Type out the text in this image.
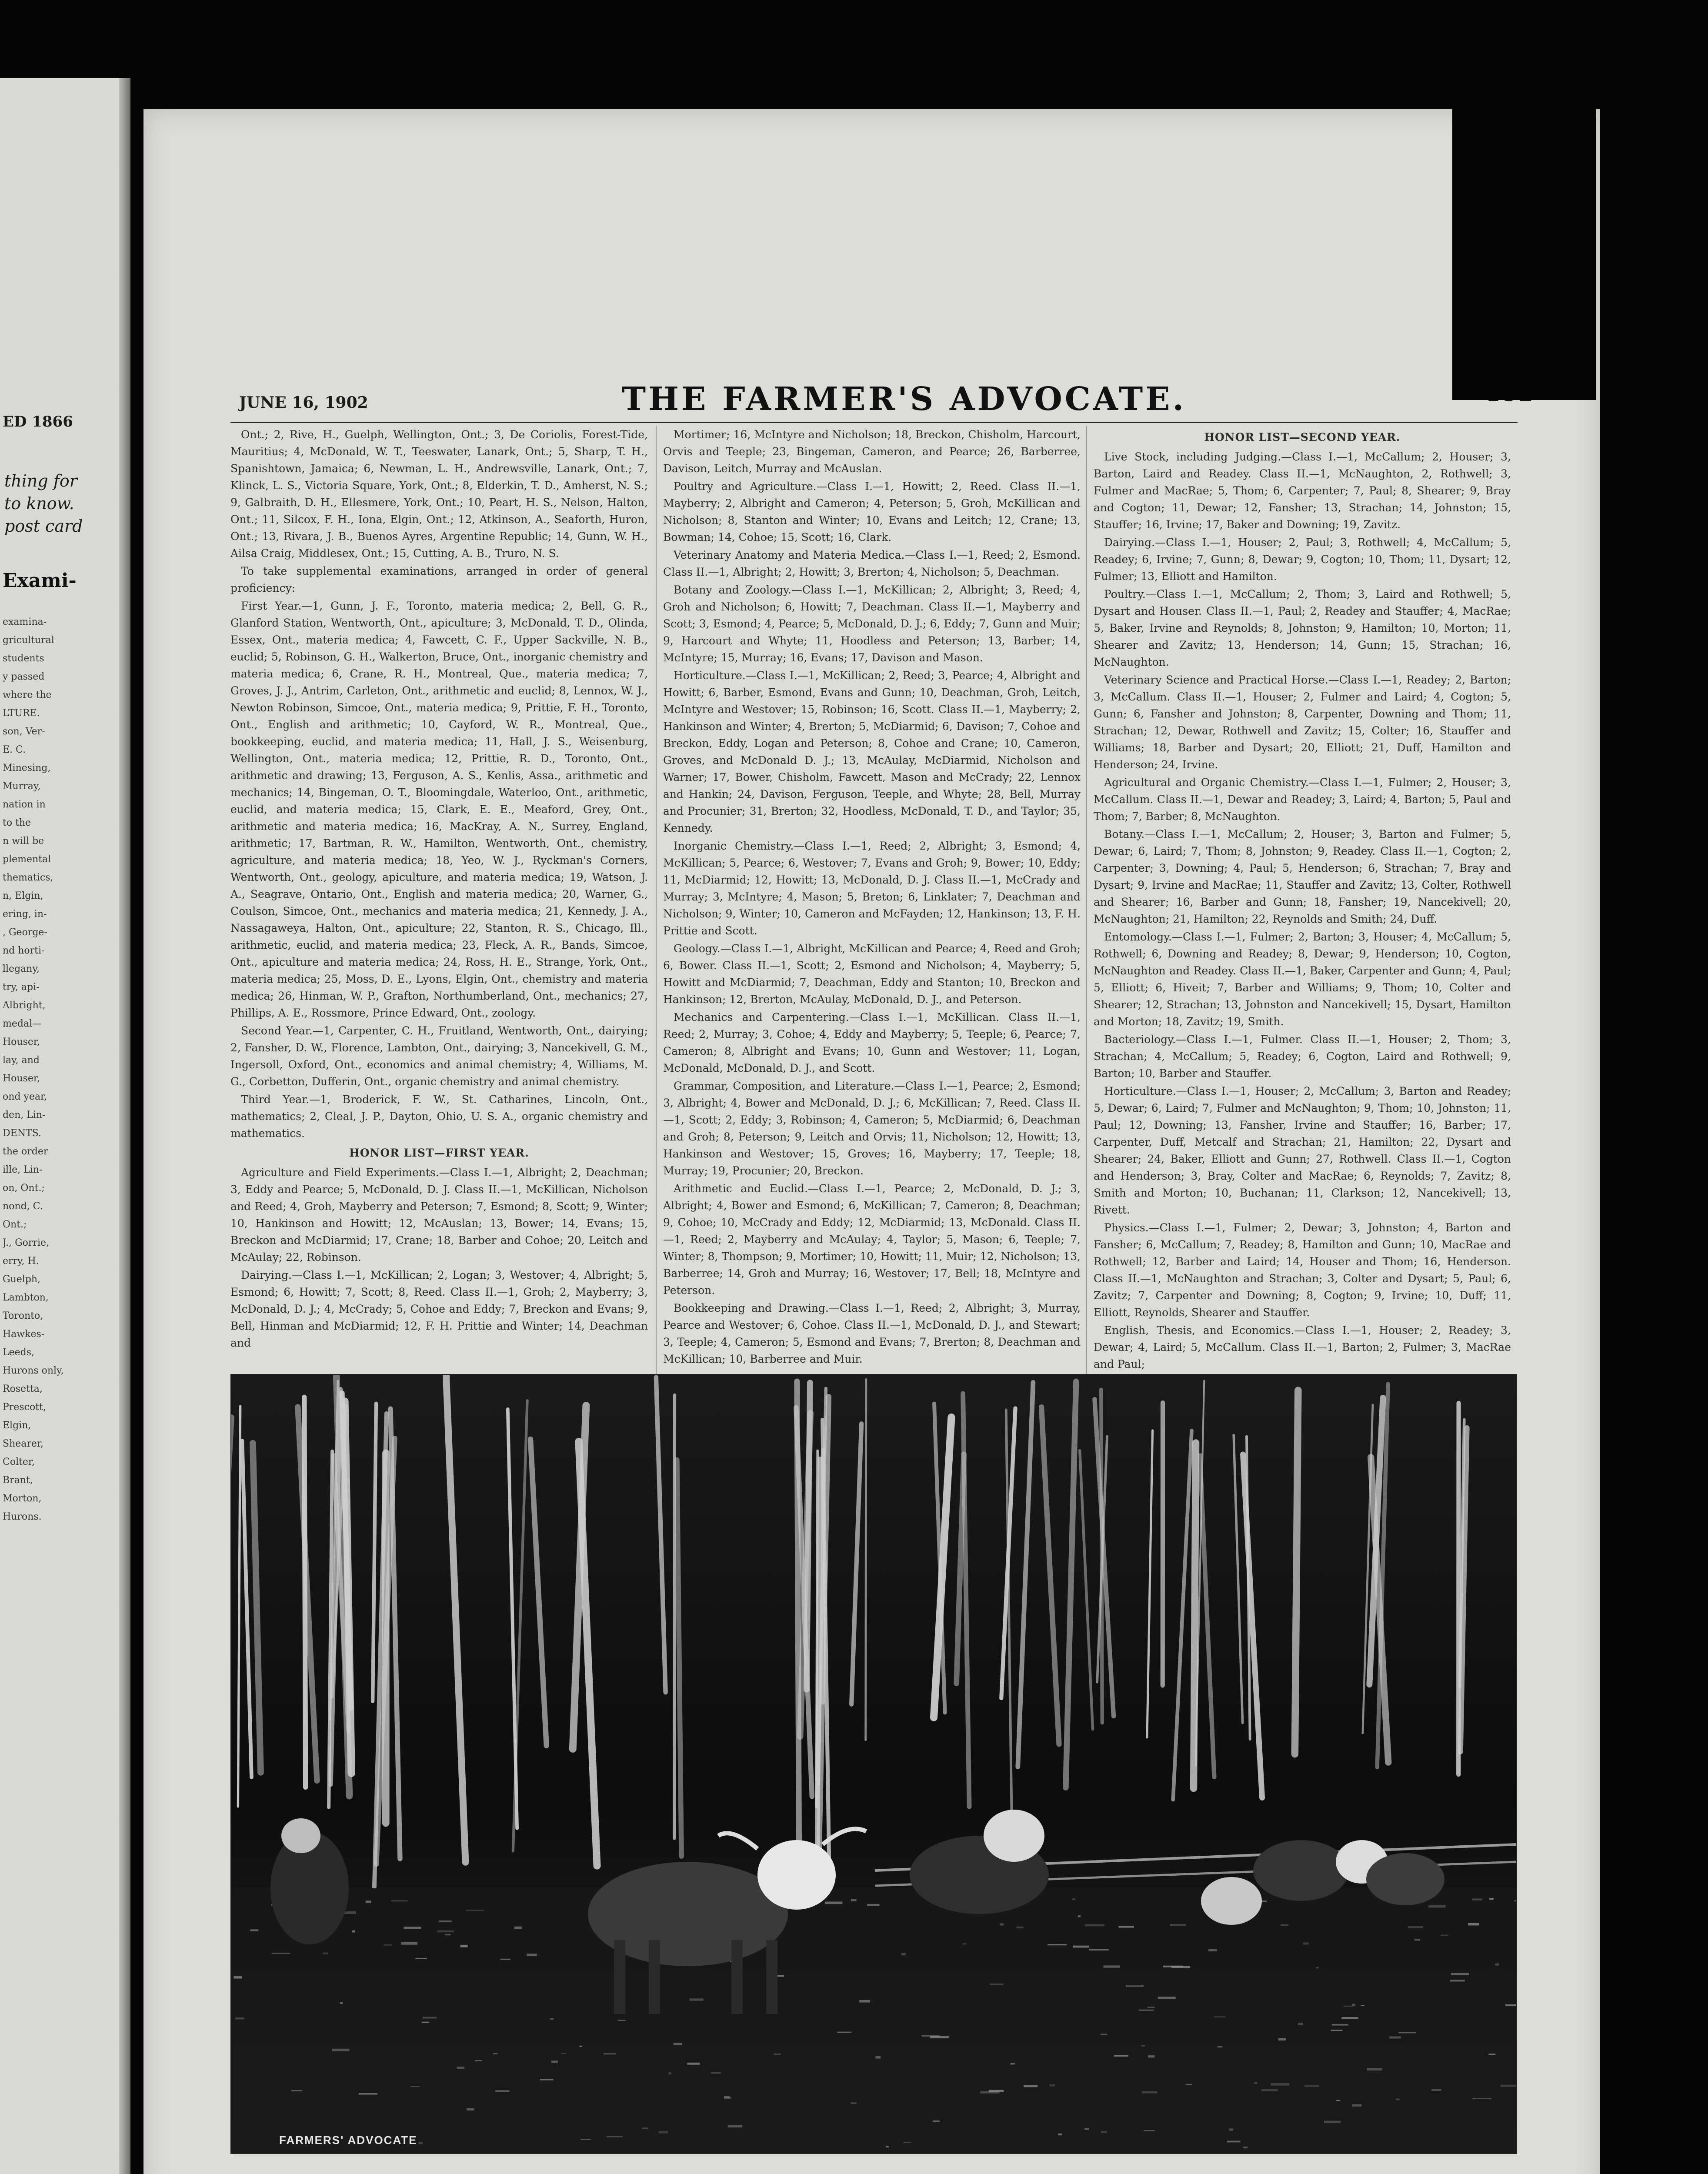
ED 1866
thing for
to know.
post card
Exami-
examina-
gricultural
students
y passed
where the
LTURE.
son, Ver-
E. C.
Minesing,
Murray,
nation in
to the
n will be
plemental
thematics,
n, Elgin,
ering, in-
, George-
nd horti-
llegany,
try, api-
Albright,
medal—
Houser,
lay, and
Houser,
ond year,
den, Lin-
DENTS.
the order
ille, Lin-
on, Ont.;
nond, C.
Ont.;
J., Gorrie,
erry, H.
Guelph,
Lambton,
Toronto,
Hawkes-
Leeds,
Hurons only,
Rosetta,
Prescott,
Elgin,
Shearer,
Colter,
Brant,
Morton,
Hurons.
JUNE 16, 1902	THE FARMER'S ADVOCATE.

Ont.; 2, Rive, H., Guelph, Wellington, Ont.; 3, De Coriolis, Forest-Tide, Mauritius; 4, McDonald, W. T., Teeswater, Lanark, Ont.; 5, Sharp, T. H., Spanishtown, Jamaica; 6, Newman, L. H., Andrewsville, Lanark, Ont.; 7, Klinck, L. S., Victoria Square, York, Ont.; 8, Elderkin, T. D., Amherst, N. S.; 9, Galbraith, D. H., Ellesmere, York, Ont.; 10, Peart, H. S., Nelson, Halton, Ont.; 11, Silcox, F. H., Iona, Elgin, Ont.; 12, Atkinson, A., Seaforth, Huron, Ont.; 13, Rivara, J. B., Buenos Ayres, Argentine Republic; 14, Gunn, W. H., Ailsa Craig, Middlesex, Ont.; 15, Cutting, A. B., Truro, N. S.

To take supplemental examinations, arranged in order of general proficiency:

First Year.—1, Gunn, J. F., Toronto, materia medica; 2, Bell, G. R., Glanford Station, Wentworth, Ont., apiculture; 3, McDonald, T. D., Olinda, Essex, Ont., materia medica; 4, Fawcett, C. F., Upper Sackville, N. B., euclid; 5, Robinson, G. H., Walkerton, Bruce, Ont., inorganic chemistry and materia medica; 6, Crane, R. H., Montreal, Que., materia medica; 7, Groves, J. J., Antrim, Carleton, Ont., arithmetic and euclid; 8, Lennox, W. J., Newton Robinson, Simcoe, Ont., materia medica; 9, Prittie, F. H., Toronto, Ont., English and arithmetic; 10, Cayford, W. R., Montreal, Que., bookkeeping, euclid, and materia medica; 11, Hall, J. S., Weisenburg, Wellington, Ont., materia medica; 12, Prittie, R. D., Toronto, Ont., arithmetic and drawing; 13, Ferguson, A. S., Kenlis, Assa., arithmetic and mechanics; 14, Bingeman, O. T., Bloomingdale, Waterloo, Ont., arithmetic, euclid, and materia medica; 15, Clark, E. E., Meaford, Grey, Ont., arithmetic and materia medica; 16, MacKray, A. N., Surrey, England, arithmetic; 17, Bartman, R. W., Hamilton, Wentworth, Ont., chemistry, agriculture, and materia medica; 18, Yeo, W. J., Ryckman's Corners, Wentworth, Ont., geology, apiculture, and materia medica; 19, Watson, J. A., Seagrave, Ontario, Ont., English and materia medica; 20, Warner, G., Coulson, Simcoe, Ont., mechanics and materia medica; 21, Kennedy, J. A., Nassagaweya, Halton, Ont., apiculture; 22, Stanton, R. S., Chicago, Ill., arithmetic, euclid, and materia medica; 23, Fleck, A. R., Bands, Simcoe, Ont., apiculture and materia medica; 24, Ross, H. E., Strange, York, Ont., materia medica; 25, Moss, D. E., Lyons, Elgin, Ont., chemistry and materia medica; 26, Hinman, W. P., Grafton, Northumberland, Ont., mechanics; 27, Phillips, A. E., Rossmore, Prince Edward, Ont., zoology.

Second Year.—1, Carpenter, C. H., Fruitland, Wentworth, Ont., dairying; 2, Fansher, D. W., Florence, Lambton, Ont., dairying; 3, Nancekivell, G. M., Ingersoll, Oxford, Ont., economics and animal chemistry; 4, Williams, M. G., Corbetton, Dufferin, Ont., organic chemistry and animal chemistry.

Third Year.—1, Broderick, F. W., St. Catharines, Lincoln, Ont., mathematics; 2, Cleal, J. P., Dayton, Ohio, U. S. A., organic chemistry and mathematics.

HONOR LIST—FIRST YEAR.

Agriculture and Field Experiments.—Class I.—1, Albright; 2, Deachman; 3, Eddy and Pearce; 5, McDonald, D. J. Class II.—1, McKillican, Nicholson and Reed; 4, Groh, Mayberry and Peterson; 7, Esmond; 8, Scott; 9, Winter; 10, Hankinson and Howitt; 12, McAuslan; 13, Bower; 14, Evans; 15, Breckon and McDiarmid; 17, Crane; 18, Barber and Cohoe; 20, Leitch and McAulay; 22, Robinson.

Dairying.—Class I.—1, McKillican; 2, Logan; 3, Westover; 4, Albright; 5, Esmond; 6, Howitt; 7, Scott; 8, Reed. Class II.—1, Groh; 2, Mayberry; 3, McDonald, D. J.; 4, McCrady; 5, Cohoe and Eddy; 7, Breckon and Evans; 9, Bell, Hinman and McDiarmid; 12, F. H. Prittie and Winter; 14, Deachman and

Mortimer; 16, McIntyre and Nicholson; 18, Breckon, Chisholm, Harcourt, Orvis and Teeple; 23, Bingeman, Cameron, and Pearce; 26, Barberree, Davison, Leitch, Murray and McAuslan.

Poultry and Agriculture.—Class I.—1, Howitt; 2, Reed. Class II.—1, Mayberry; 2, Albright and Cameron; 4, Peterson; 5, Groh, McKillican and Nicholson; 8, Stanton and Winter; 10, Evans and Leitch; 12, Crane; 13, Bowman; 14, Cohoe; 15, Scott; 16, Clark.

Veterinary Anatomy and Materia Medica.—Class I.—1, Reed; 2, Esmond. Class II.—1, Albright; 2, Howitt; 3, Brerton; 4, Nicholson; 5, Deachman.

Botany and Zoology.—Class I.—1, McKillican; 2, Albright; 3, Reed; 4, Groh and Nicholson; 6, Howitt; 7, Deachman. Class II.—1, Mayberry and Scott; 3, Esmond; 4, Pearce; 5, McDonald, D. J.; 6, Eddy; 7, Gunn and Muir; 9, Harcourt and Whyte; 11, Hoodless and Peterson; 13, Barber; 14, McIntyre; 15, Murray; 16, Evans; 17, Davison and Mason.

Horticulture.—Class I.—1, McKillican; 2, Reed; 3, Pearce; 4, Albright and Howitt; 6, Barber, Esmond, Evans and Gunn; 10, Deachman, Groh, Leitch, McIntyre and Westover; 15, Robinson; 16, Scott. Class II.—1, Mayberry; 2, Hankinson and Winter; 4, Brerton; 5, McDiarmid; 6, Davison; 7, Cohoe and Breckon, Eddy, Logan and Peterson; 8, Cohoe and Crane; 10, Cameron, Groves, and McDonald D. J.; 13, McAulay, McDiarmid, Nicholson and Warner; 17, Bower, Chisholm, Fawcett, Mason and McCrady; 22, Lennox and Hankin; 24, Davison, Ferguson, Teeple, and Whyte; 28, Bell, Murray and Procunier; 31, Brerton; 32, Hoodless, McDonald, T. D., and Taylor; 35, Kennedy.

Inorganic Chemistry.—Class I.—1, Reed; 2, Albright; 3, Esmond; 4, McKillican; 5, Pearce; 6, Westover; 7, Evans and Groh; 9, Bower; 10, Eddy; 11, McDiarmid; 12, Howitt; 13, McDonald, D. J. Class II.—1, McCrady and Murray; 3, McIntyre; 4, Mason; 5, Breton; 6, Linklater; 7, Deachman and Nicholson; 9, Winter; 10, Cameron and McFayden; 12, Hankinson; 13, F. H. Prittie and Scott.

Geology.—Class I.—1, Albright, McKillican and Pearce; 4, Reed and Groh; 6, Bower. Class II.—1, Scott; 2, Esmond and Nicholson; 4, Mayberry; 5, Howitt and McDiarmid; 7, Deachman, Eddy and Stanton; 10, Breckon and Hankinson; 12, Brerton, McAulay, McDonald, D. J., and Peterson.

Mechanics and Carpentering.—Class I.—1, McKillican. Class II.—1, Reed; 2, Murray; 3, Cohoe; 4, Eddy and Mayberry; 5, Teeple; 6, Pearce; 7, Cameron; 8, Albright and Evans; 10, Gunn and Westover; 11, Logan, McDonald, McDonald, D. J., and Scott.

Grammar, Composition, and Literature.—Class I.—1, Pearce; 2, Esmond; 3, Albright; 4, Bower and McDonald, D. J.; 6, McKillican; 7, Reed. Class II.—1, Scott; 2, Eddy; 3, Robinson; 4, Cameron; 5, McDiarmid; 6, Deachman and Groh; 8, Peterson; 9, Leitch and Orvis; 11, Nicholson; 12, Howitt; 13, Hankinson and Westover; 15, Groves; 16, Mayberry; 17, Teeple; 18, Murray; 19, Procunier; 20, Breckon.

Arithmetic and Euclid.—Class I.—1, Pearce; 2, McDonald, D. J.; 3, Albright; 4, Bower and Esmond; 6, McKillican; 7, Cameron; 8, Deachman; 9, Cohoe; 10, McCrady and Eddy; 12, McDiarmid; 13, McDonald. Class II.—1, Reed; 2, Mayberry and McAulay; 4, Taylor; 5, Mason; 6, Teeple; 7, Winter; 8, Thompson; 9, Mortimer; 10, Howitt; 11, Muir; 12, Nicholson; 13, Barberree; 14, Groh and Murray; 16, Westover; 17, Bell; 18, McIntyre and Peterson.

Bookkeeping and Drawing.—Class I.—1, Reed; 2, Albright; 3, Murray, Pearce and Westover; 6, Cohoe. Class II.—1, McDonald, D. J., and Stewart; 3, Teeple; 4, Cameron; 5, Esmond and Evans; 7, Brerton; 8, Deachman and McKillican; 10, Barberree and Muir.

HONOR LIST—SECOND YEAR.

Live Stock, including Judging.—Class I.—1, McCallum; 2, Houser; 3, Barton, Laird and Readey. Class II.—1, McNaughton, 2, Rothwell; 3, Fulmer and MacRae; 5, Thom; 6, Carpenter; 7, Paul; 8, Shearer; 9, Bray and Cogton; 11, Dewar; 12, Fansher; 13, Strachan; 14, Johnston; 15, Stauffer; 16, Irvine; 17, Baker and Downing; 19, Zavitz.

Dairying.—Class I.—1, Houser; 2, Paul; 3, Rothwell; 4, McCallum; 5, Readey; 6, Irvine; 7, Gunn; 8, Dewar; 9, Cogton; 10, Thom; 11, Dysart; 12, Fulmer; 13, Elliott and Hamilton.

Poultry.—Class I.—1, McCallum; 2, Thom; 3, Laird and Rothwell; 5, Dysart and Houser. Class II.—1, Paul; 2, Readey and Stauffer; 4, MacRae; 5, Baker, Irvine and Reynolds; 8, Johnston; 9, Hamilton; 10, Morton; 11, Shearer and Zavitz; 13, Henderson; 14, Gunn; 15, Strachan; 16, McNaughton.

Veterinary Science and Practical Horse.—Class I.—1, Readey; 2, Barton; 3, McCallum. Class II.—1, Houser; 2, Fulmer and Laird; 4, Cogton; 5, Gunn; 6, Fansher and Johnston; 8, Carpenter, Downing and Thom; 11, Strachan; 12, Dewar, Rothwell and Zavitz; 15, Colter; 16, Stauffer and Williams; 18, Barber and Dysart; 20, Elliott; 21, Duff, Hamilton and Henderson; 24, Irvine.

Agricultural and Organic Chemistry.—Class I.—1, Fulmer; 2, Houser; 3, McCallum. Class II.—1, Dewar and Readey; 3, Laird; 4, Barton; 5, Paul and Thom; 7, Barber; 8, McNaughton.

Botany.—Class I.—1, McCallum; 2, Houser; 3, Barton and Fulmer; 5, Dewar; 6, Laird; 7, Thom; 8, Johnston; 9, Readey. Class II.—1, Cogton; 2, Carpenter; 3, Downing; 4, Paul; 5, Henderson; 6, Strachan; 7, Bray and Dysart; 9, Irvine and MacRae; 11, Stauffer and Zavitz; 13, Colter, Rothwell and Shearer; 16, Barber and Gunn; 18, Fansher; 19, Nancekivell; 20, McNaughton; 21, Hamilton; 22, Reynolds and Smith; 24, Duff.

Entomology.—Class I.—1, Fulmer; 2, Barton; 3, Houser; 4, McCallum; 5, Rothwell; 6, Downing and Readey; 8, Dewar; 9, Henderson; 10, Cogton, McNaughton and Readey. Class II.—1, Baker, Carpenter and Gunn; 4, Paul; 5, Elliott; 6, Hiveit; 7, Barber and Williams; 9, Thom; 10, Colter and Shearer; 12, Strachan; 13, Johnston and Nancekivell; 15, Dysart, Hamilton and Morton; 18, Zavitz; 19, Smith.

Bacteriology.—Class I.—1, Fulmer. Class II.—1, Houser; 2, Thom; 3, Strachan; 4, McCallum; 5, Readey; 6, Cogton, Laird and Rothwell; 9, Barton; 10, Barber and Stauffer.

Horticulture.—Class I.—1, Houser; 2, McCallum; 3, Barton and Readey; 5, Dewar; 6, Laird; 7, Fulmer and McNaughton; 9, Thom; 10, Johnston; 11, Paul; 12, Downing; 13, Fansher, Irvine and Stauffer; 16, Barber; 17, Carpenter, Duff, Metcalf and Strachan; 21, Hamilton; 22, Dysart and Shearer; 24, Baker, Elliott and Gunn; 27, Rothwell. Class II.—1, Cogton and Henderson; 3, Bray, Colter and MacRae; 6, Reynolds; 7, Zavitz; 8, Smith and Morton; 10, Buchanan; 11, Clarkson; 12, Nancekivell; 13, Rivett.

Physics.—Class I.—1, Fulmer; 2, Dewar; 3, Johnston; 4, Barton and Fansher; 6, McCallum; 7, Readey; 8, Hamilton and Gunn; 10, MacRae and Rothwell; 12, Barber and Laird; 14, Houser and Thom; 16, Henderson. Class II.—1, McNaughton and Strachan; 3, Colter and Dysart; 5, Paul; 6, Zavitz; 7, Carpenter and Downing; 8, Cogton; 9, Irvine; 10, Duff; 11, Elliott, Reynolds, Shearer and Stauffer.

English, Thesis, and Economics.—Class I.—1, Houser; 2, Readey; 3, Dewar; 4, Laird; 5, McCallum. Class II.—1, Barton; 2, Fulmer; 3, MacRae and Paul;

FARMERS' ADVOCATE
